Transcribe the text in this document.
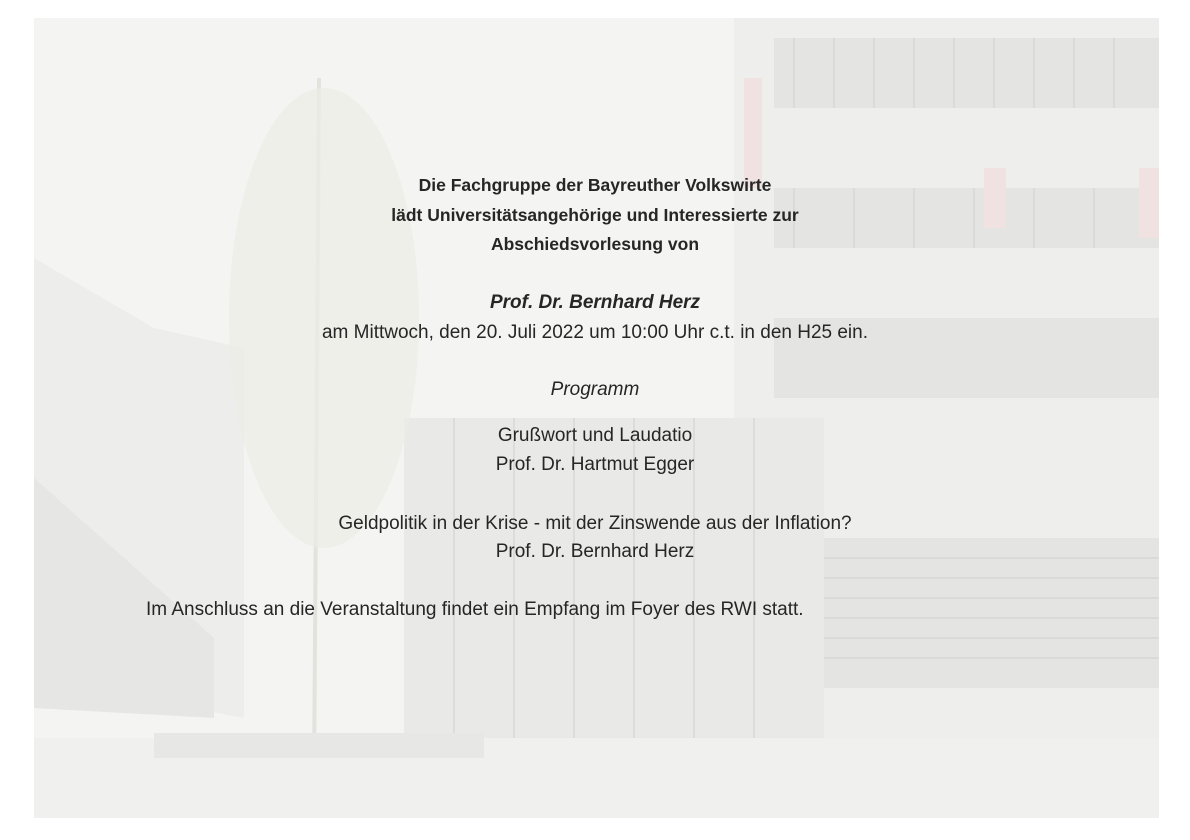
Die Fachgruppe der Bayreuther Volkswirte
lädt Universitätsangehörige und Interessierte zur
Abschiedsvorlesung von
Prof. Dr. Bernhard Herz
am Mittwoch, den 20. Juli 2022 um 10:00 Uhr c.t. in den H25 ein.
Programm
Grußwort und Laudatio
Prof. Dr. Hartmut Egger
Geldpolitik in der Krise - mit der Zinswende aus der Inflation?
Prof. Dr. Bernhard Herz
Im Anschluss an die Veranstaltung findet ein Empfang im Foyer des RWI statt.
